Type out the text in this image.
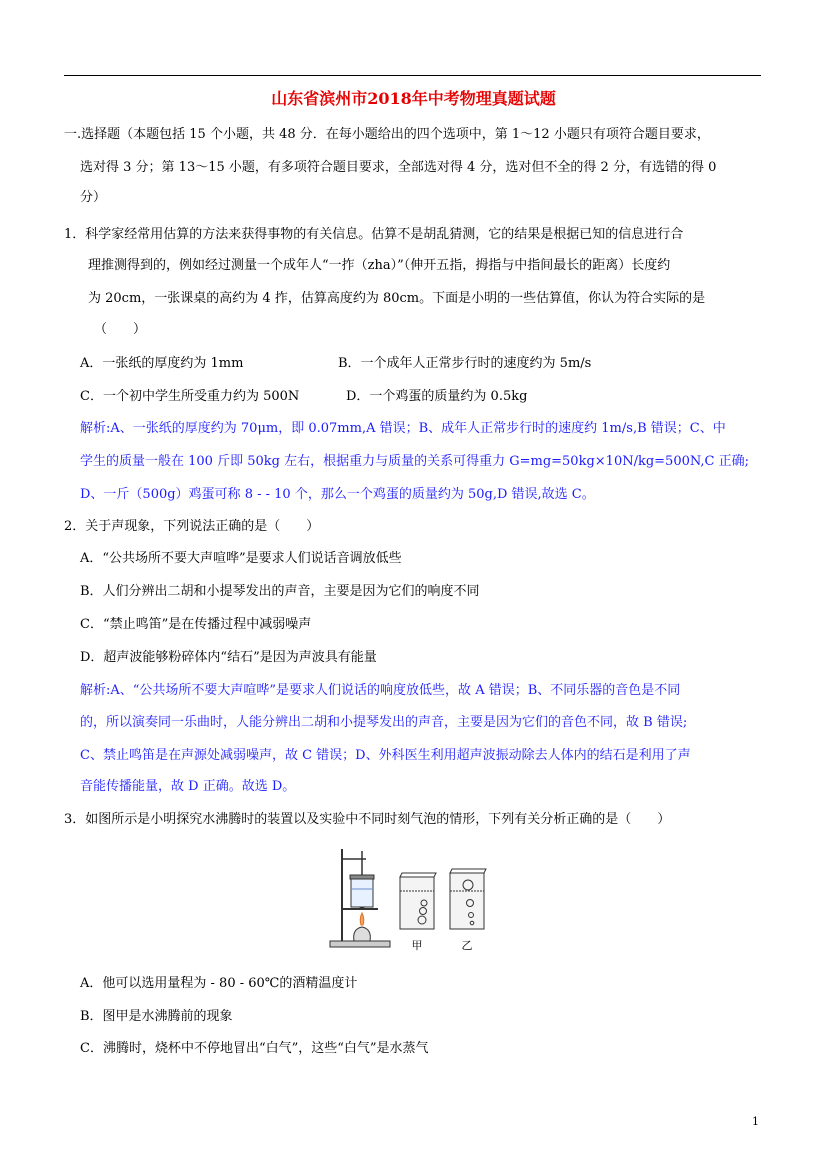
山东省滨州市2018年中考物理真题试题
一.选择题（本题包括 15 个小题，共 48 分．在每小题给出的四个选项中，第 1～12 小题只有项符合题目要求，
选对得 3 分；第 13～15 小题，有多项符合题目要求，全部选对得 4 分，选对但不全的得 2 分，有选错的得 0
分）
1．科学家经常用估算的方法来获得事物的有关信息。估算不是胡乱猜测，它的结果是根据已知的信息进行合
理推测得到的，例如经过测量一个成年人“一拃（zha）”（伸开五指，拇指与中指间最长的距离）长度约
为 20cm，一张课桌的高约为 4 拃，估算高度约为 80cm。下面是小明的一些估算值，你认为符合实际的是
（　　）
A．一张纸的厚度约为 1mm	B．一个成年人正常步行时的速度约为 5m/s
C．一个初中学生所受重力约为 500N	D．一个鸡蛋的质量约为 0.5kg
解析:A、一张纸的厚度约为 70μm，即 0.07mm,A 错误；B、成年人正常步行时的速度约 1m/s,B 错误；C、中
学生的质量一般在 100 斤即 50kg 左右，根据重力与质量的关系可得重力 G=mg=50kg×10N/kg=500N,C 正确;
D、一斤（500g）鸡蛋可称 8 - - 10 个，那么一个鸡蛋的质量约为 50g,D 错误,故选 C。
2．关于声现象，下列说法正确的是（　　）
A．“公共场所不要大声喧哗”是要求人们说话音调放低些
B．人们分辨出二胡和小提琴发出的声音，主要是因为它们的响度不同
C．“禁止鸣笛”是在传播过程中减弱噪声
D．超声波能够粉碎体内“结石”是因为声波具有能量
解析:A、“公共场所不要大声喧哗”是要求人们说话的响度放低些，故 A 错误；B、不同乐器的音色是不同
的，所以演奏同一乐曲时，人能分辨出二胡和小提琴发出的声音，主要是因为它们的音色不同，故 B 错误;
C、禁止鸣笛是在声源处减弱噪声，故 C 错误；D、外科医生利用超声波振动除去人体内的结石是利用了声
音能传播能量，故 D 正确。故选 D。
3．如图所示是小明探究水沸腾时的装置以及实验中不同时刻气泡的情形，下列有关分析正确的是（　　）
甲	乙
A．他可以选用量程为 - 80 - 60℃的酒精温度计
B．图甲是水沸腾前的现象
C．沸腾时，烧杯中不停地冒出“白气”，这些“白气”是水蒸气
1
